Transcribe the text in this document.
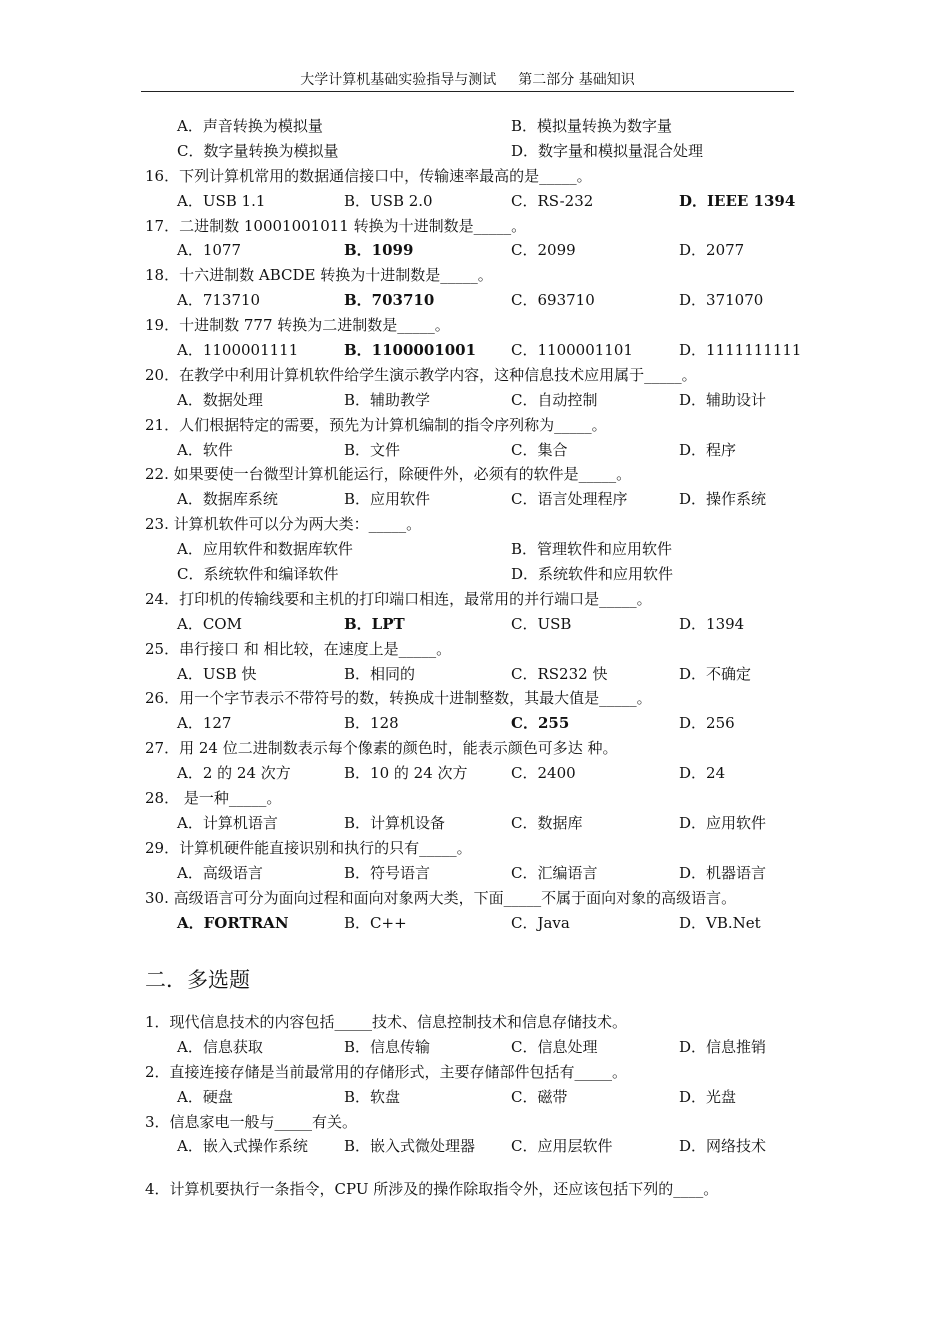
大学计算机基础实验指导与测试 第二部分 基础知识
A．声音转换为模拟量	B．模拟量转换为数字量
C．数字量转换为模拟量	D．数字量和模拟量混合处理
16．下列计算机常用的数据通信接口中，传输速率最高的是_____。
A．USB 1.1	B．USB 2.0	C．RS-232	D．IEEE 1394
17．二进制数 10001001011 转换为十进制数是_____。
A．1077	B．1099	C．2099	D．2077
18．十六进制数 ABCDE 转换为十进制数是_____。
A．713710	B．703710	C．693710	D．371070
19．十进制数 777 转换为二进制数是_____。
A．1100001111	B．1100001001 C．1100001101	D．1111111111
20．在教学中利用计算机软件给学生演示教学内容，这种信息技术应用属于_____。
A．数据处理	B．辅助教学	C．自动控制	D．辅助设计
21．人们根据特定的需要，预先为计算机编制的指令序列称为_____。
A．软件	B．文件	C．集合	D．程序
22. 如果要使一台微型计算机能运行，除硬件外，必须有的软件是_____。
A．数据库系统	B．应用软件	C．语言处理程序	D．操作系统
23. 计算机软件可以分为两大类：_____。
A．应用软件和数据库软件	B．管理软件和应用软件
C．系统软件和编译软件	D．系统软件和应用软件
24．打印机的传输线要和主机的打印端口相连，最常用的并行端口是_____。
A．COM	B．LPT	C．USB	D．1394
25．串行接口 和 相比较，在速度上是_____。
A．USB 快	B．相同的	C．RS232 快	D．不确定
26．用一个字节表示不带符号的数，转换成十进制整数，其最大值是_____。
A．127	B．128	C．255	D．256
27．用 24 位二进制数表示每个像素的颜色时，能表示颜色可多达 种。
A．2 的 24 次方	B．10 的 24 次方	C．2400	D．24
28． 是一种_____。
A．计算机语言	B．计算机设备	C．数据库	D．应用软件
29．计算机硬件能直接识别和执行的只有_____。
A．高级语言	B．符号语言	C．汇编语言	D．机器语言
30. 高级语言可分为面向过程和面向对象两大类，下面_____不属于面向对象的高级语言。
A．FORTRAN	B．C++	C．Java	D．VB.Net
二．多选题
1．现代信息技术的内容包括_____技术、信息控制技术和信息存储技术。
A．信息获取	B．信息传输	C．信息处理	D．信息推销
2．直接连接存储是当前最常用的存储形式，主要存储部件包括有_____。
A．硬盘	B．软盘	C．磁带	D．光盘
3．信息家电一般与_____有关。
A．嵌入式操作系统 B．嵌入式微处理器 C．应用层软件	D．网络技术
4．计算机要执行一条指令，CPU 所涉及的操作除取指令外，还应该包括下列的____。
